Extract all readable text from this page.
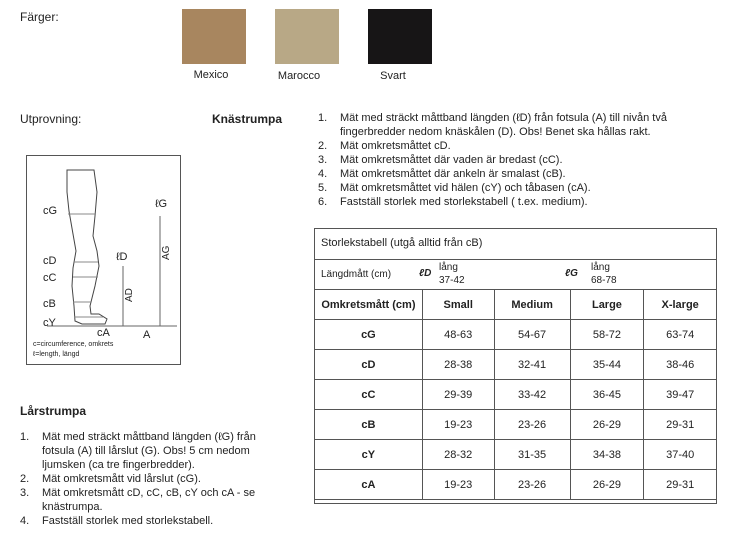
Färger:
Mexico	Marocco	Svart
Utprovning:	Knästrumpa	1. Mät med sträckt måttband längden (ℓD) från fotsula (A) till nivån två
fingerbredder nedom knäskålen (D). Obs! Benet ska hållas rakt.
2. Mät omkretsmåttet cD.
3. Mät omkretsmåttet där vaden är bredast (cC).
4. Mät omkretsmåttet där ankeln är smalast (cB).
5. Mät omkretsmåttet vid hälen (cY) och tåbasen (cA).
6. Fastställ storlek med storlekstabell ( t.ex. medium).
cG
cD
cC
cB
cY
ℓG
ℓD	AG
AD
cA	A
c=circumference, omkrets
ℓ=length, längd
Lårstrumpa
1. Mät med sträckt måttband längden (ℓG) från
fotsula (A) till lårslut (G). Obs! 5 cm nedom
ljumsken (ca tre fingerbredder).
2. Mät omkretsmått vid lårslut (cG).
3. Mät omkretsmått cD, cC, cB, cY och cA - se
knästrumpa.
4. Fastställ storlek med storlekstabell.
Storlekstabell (utgå alltid från cB)
Längdmått (cm)	ℓD
lång
37-42
ℓG
lång
68-78
Omkretsmått (cm)	Small	Medium	Large	X-large
cG	48-63	54-67	58-72	63-74
cD	28-38	32-41	35-44	38-46
cC	29-39	33-42	36-45	39-47
cB	19-23	23-26	26-29	29-31
cY	28-32	31-35	34-38	37-40
cA	19-23	23-26	26-29	29-31
